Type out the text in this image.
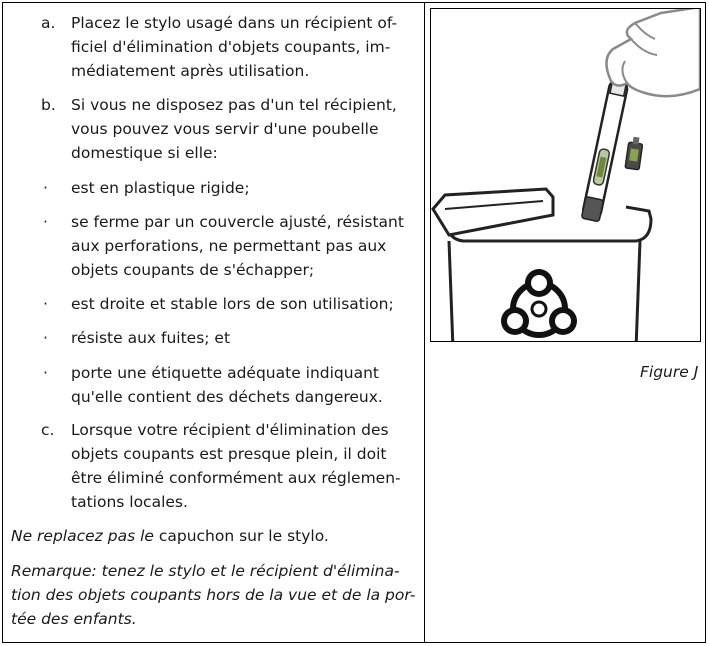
a.	Placez le stylo usagé dans un récipient of-
ficiel d'élimination d'objets coupants, im-
médiatement après utilisation.
b. Si vous ne disposez pas d'un tel récipient,
vous pouvez vous servir d'une poubelle
domestique si elle:
·	est en plastique rigide;
·	se ferme par un couvercle ajusté, résistant
aux perforations, ne permettant pas aux
objets coupants de s'échapper;
·	est droite et stable lors de son utilisation;
·	résiste aux fuites; et
·	porte une étiquette adéquate indiquant
qu'elle contient des déchets dangereux.
c.	Lorsque votre récipient d'élimination des
objets coupants est presque plein, il doit
être éliminé conformément aux réglemen-
tations locales.
Ne replacez pas le capuchon sur le stylo.
Remarque: tenez le stylo et le récipient d'élimina-
tion des objets coupants hors de la vue et de la por-
tée des enfants.
Figure J
